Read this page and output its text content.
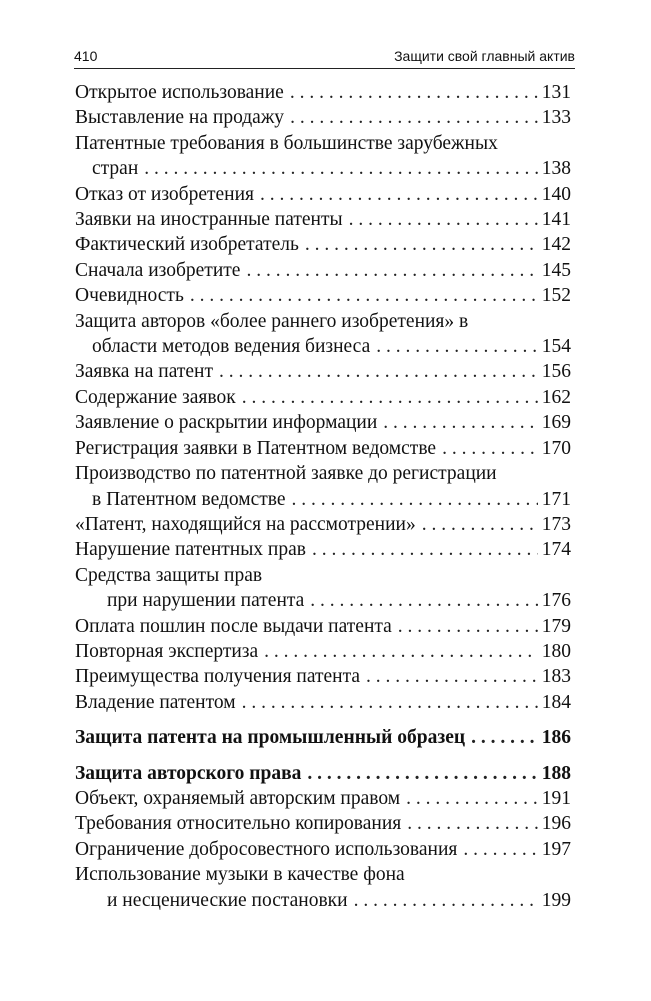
410	Защити свой главный актив
Открытое использование . . .	131
Выставление на продажу . . .	133
Патентные требования в большинстве зарубежных
стран . . .	138
Отказ от изобретения . . .	140
Заявки на иностранные патенты . . .	141
Фактический изобретатель . . .	142
Сначала изобретите . . .	145
Очевидность . . .	152
Защита авторов «более раннего изобретения» в
области методов ведения бизнеса . . .	154
Заявка на патент . . .	156
Содержание заявок . . .	162
Заявление о раскрытии информации . . .	169
Регистрация заявки в Патентном ведомстве . . .	170
Производство по патентной заявке до регистрации
в Патентном ведомстве . . .	171
«Патент, находящийся на рассмотрении» . . .	173
Нарушение патентных прав . . .	174
Средства защиты прав
при нарушении патента . . .	176
Оплата пошлин после выдачи патента . . .	179
Повторная экспертиза . . .	180
Преимущества получения патента . . .	183
Владение патентом . . .	184
Защита патента на промышленный образец . . .	186
Защита авторского права . . .	188
Объект, охраняемый авторским правом . . .	191
Требования относительно копирования . . .	196
Ограничение добросовестного использования . . .	197
Использование музыки в качестве фона
и несценические постановки . . .	199
